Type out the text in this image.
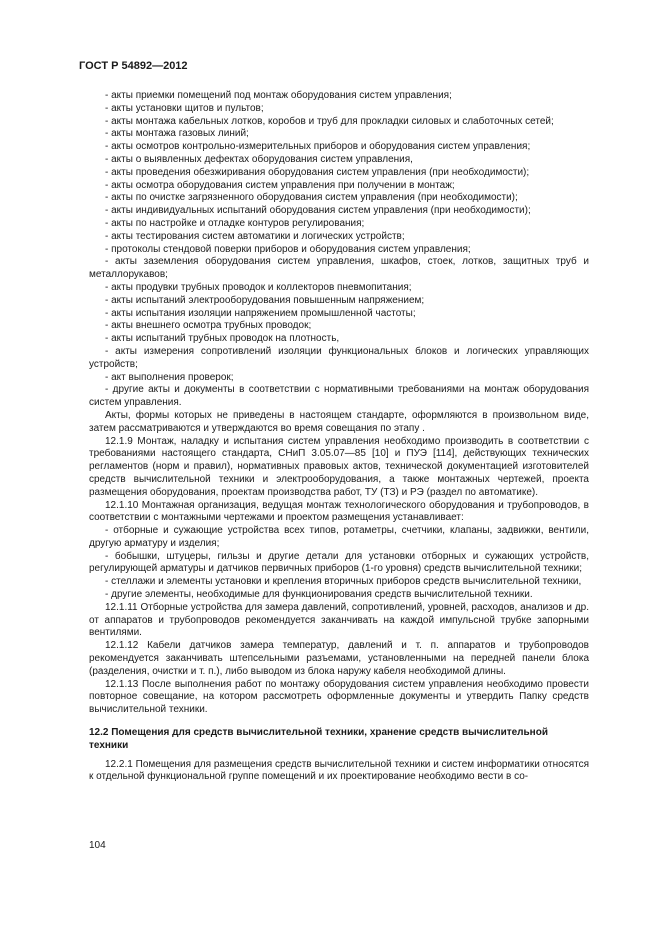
ГОСТ Р 54892—2012

- акты приемки помещений под монтаж оборудования систем управления;

- акты установки щитов и пультов;

- акты монтажа кабельных лотков, коробов и труб для прокладки силовых и слаботочных сетей;

- акты монтажа газовых линий;

- акты осмотров контрольно-измерительных приборов и оборудования систем управления;

- акты о выявленных дефектах оборудования систем управления,

- акты проведения обезжиривания оборудования систем управления (при необходимости);

- акты осмотра оборудования систем управления при получении в монтаж;

- акты по очистке загрязненного оборудования систем управления (при необходимости);

- акты индивидуальных испытаний оборудования систем управления (при необходимости);

- акты по настройке и отладке контуров регулирования;

- акты тестирования систем автоматики и логических устройств;

- протоколы стендовой поверки приборов и оборудования систем управления;

- акты заземления оборудования систем управления, шкафов, стоек, лотков, защитных труб и металлорукавов;

- акты продувки трубных проводок и коллекторов пневмопитания;

- акты испытаний электрооборудования повышенным напряжением;

- акты испытания изоляции напряжением промышленной частоты;

- акты внешнего осмотра трубных проводок;

- акты испытаний трубных проводок на плотность,

- акты измерения сопротивлений изоляции функциональных блоков и логических управляющих устройств;

- акт выполнения проверок;

- другие акты и документы в соответствии с нормативными требованиями на монтаж оборудования систем управления.

Акты, формы которых не приведены в настоящем стандарте, оформляются в произвольном виде, затем рассматриваются и утверждаются во время совещания по этапу .

12.1.9 Монтаж, наладку и испытания систем управления необходимо производить в соответствии с требованиями настоящего стандарта, СНиП 3.05.07—85 [10] и ПУЭ [114], действующих технических регламентов (норм и правил), нормативных правовых актов, технической документацией изготовителей средств вычислительной техники и электрооборудования, а также монтажных чертежей, проекта размещения оборудования, проектам производства работ, ТУ (ТЗ) и РЭ (раздел по автоматике).

12.1.10 Монтажная организация, ведущая монтаж технологического оборудования и трубопроводов, в соответствии с монтажными чертежами и проектом размещения устанавливает:

- отборные и сужающие устройства всех типов, ротаметры, счетчики, клапаны, задвижки, вентили, другую арматуру и изделия;

- бобышки, штуцеры, гильзы и другие детали для установки отборных и сужающих устройств, регулирующей арматуры и датчиков первичных приборов (1-го уровня) средств вычислительной техники;

- стеллажи и элементы установки и крепления вторичных приборов средств вычислительной техники,

- другие элементы, необходимые для функционирования средств вычислительной техники.

12.1.11 Отборные устройства для замера давлений, сопротивлений, уровней, расходов, анализов и др. от аппаратов и трубопроводов рекомендуется заканчивать на каждой импульсной трубке запорными вентилями.

12.1.12 Кабели датчиков замера температур, давлений и т. п. аппаратов и трубопроводов рекомендуется заканчивать штепсельными разъемами, установленными на передней панели блока (разделения, очистки и т. п.), либо выводом из блока наружу кабеля необходимой длины.

12.1.13 После выполнения работ по монтажу оборудования систем управления необходимо провести повторное совещание, на котором рассмотреть оформленные документы и утвердить Папку средств вычислительной техники.

12.2 Помещения для средств вычислительной техники, хранение средств вычислительной техники

12.2.1 Помещения для размещения средств вычислительной техники и систем информатики относятся к отдельной функциональной группе помещений и их проектирование необходимо вести в со-

104
